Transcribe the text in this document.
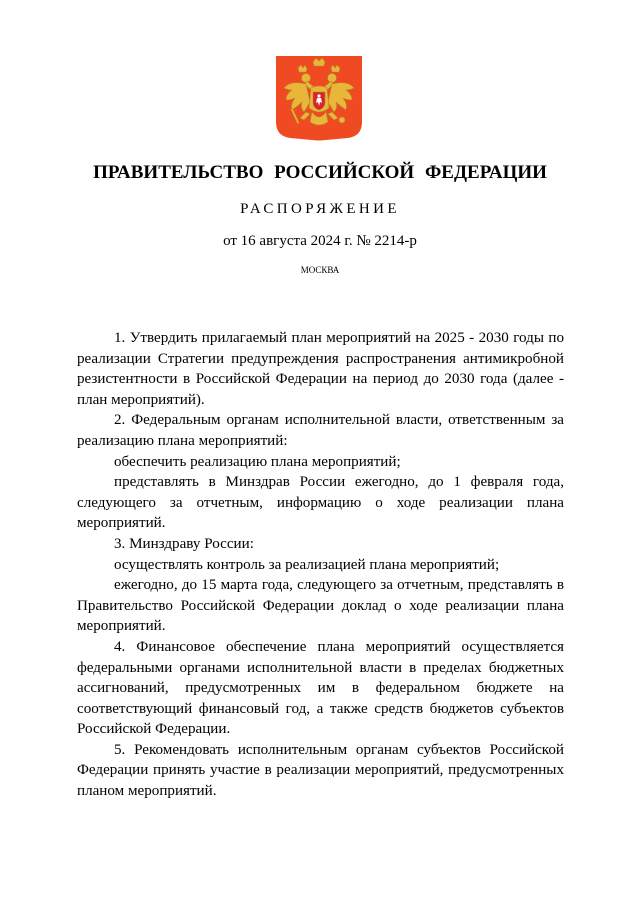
ПРАВИТЕЛЬСТВО РОССИЙСКОЙ ФЕДЕРАЦИИ
РАСПОРЯЖЕНИЕ
от 16 августа 2024 г. № 2214-р
МОСКВА

1. Утвердить прилагаемый план мероприятий на 2025 - 2030 годы по реализации Стратегии предупреждения распространения антимикробной резистентности в Российской Федерации на период до 2030 года (далее - план мероприятий).

2. Федеральным органам исполнительной власти, ответственным за реализацию плана мероприятий:

обеспечить реализацию плана мероприятий;

представлять в Минздрав России ежегодно, до 1 февраля года, следующего за отчетным, информацию о ходе реализации плана мероприятий.

3. Минздраву России:

осуществлять контроль за реализацией плана мероприятий;

ежегодно, до 15 марта года, следующего за отчетным, представлять в Правительство Российской Федерации доклад о ходе реализации плана мероприятий.

4. Финансовое обеспечение плана мероприятий осуществляется федеральными органами исполнительной власти в пределах бюджетных ассигнований, предусмотренных им в федеральном бюджете на соответствующий финансовый год, а также средств бюджетов субъектов Российской Федерации.

5. Рекомендовать исполнительным органам субъектов Российской Федерации принять участие в реализации мероприятий, предусмотренных планом мероприятий.
